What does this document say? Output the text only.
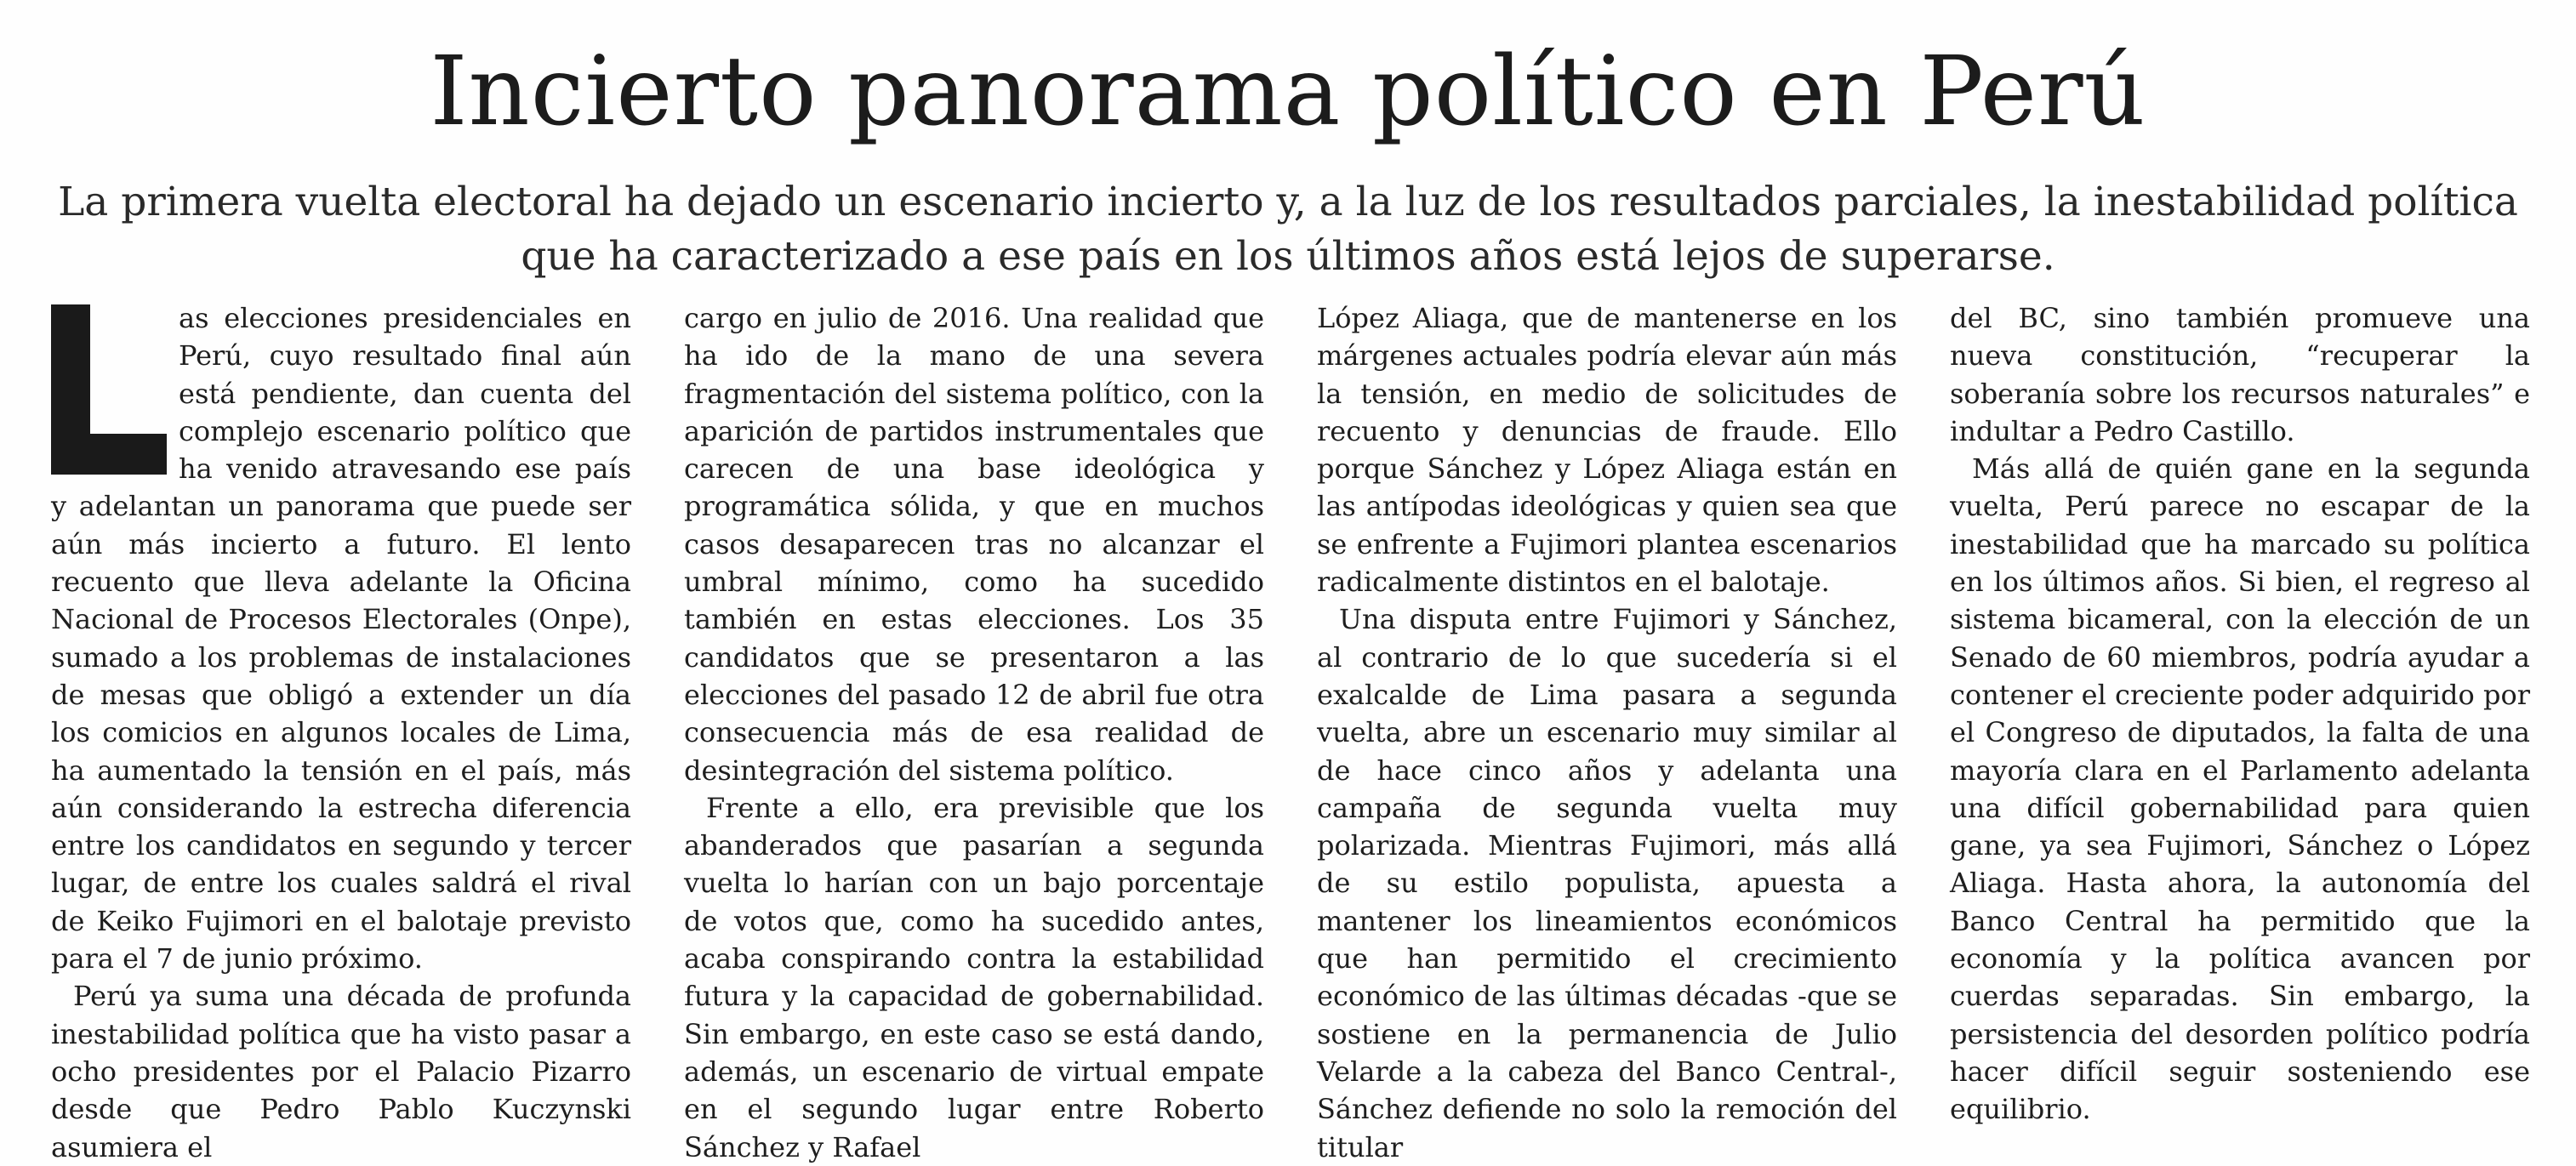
Incierto panorama político en Perú

La primera vuelta electoral ha dejado un escenario incierto y, a la luz de los resultados parciales, la inestabilidad política que ha caracterizado a ese país en los últimos años está lejos de superarse.

as elecciones presidenciales en Perú, cuyo resultado final aún está pendiente, dan cuenta del complejo escenario político que ha venido atravesando ese país y adelantan un panorama que puede ser aún más incierto a futuro. El lento recuento que lleva adelante la Oficina Nacional de Procesos Electorales (Onpe), sumado a los problemas de instalaciones de mesas que obligó a extender un día los comicios en algunos locales de Lima, ha aumentado la tensión en el país, más aún considerando la estrecha diferencia entre los candidatos en segundo y tercer lugar, de entre los cuales saldrá el rival de Keiko Fujimori en el balotaje previsto para el 7 de junio próximo.

Perú ya suma una década de profunda inestabilidad política que ha visto pasar a ocho presidentes por el Palacio Pizarro desde que Pedro Pablo Kuczynski asumiera el

cargo en julio de 2016. Una realidad que ha ido de la mano de una severa fragmentación del sistema político, con la aparición de partidos instrumentales que carecen de una base ideológica y programática sólida, y que en muchos casos desaparecen tras no alcanzar el umbral mínimo, como ha sucedido también en estas elecciones. Los 35 candidatos que se presentaron a las elecciones del pasado 12 de abril fue otra consecuencia más de esa realidad de desintegración del sistema político.

Frente a ello, era previsible que los abanderados que pasarían a segunda vuelta lo harían con un bajo porcentaje de votos que, como ha sucedido antes, acaba conspirando contra la estabilidad futura y la capacidad de gobernabilidad. Sin embargo, en este caso se está dando, además, un escenario de virtual empate en el segundo lugar entre Roberto Sánchez y Rafael

López Aliaga, que de mantenerse en los márgenes actuales podría elevar aún más la tensión, en medio de solicitudes de recuento y denuncias de fraude. Ello porque Sánchez y López Aliaga están en las antípodas ideológicas y quien sea que se enfrente a Fujimori plantea escenarios radicalmente distintos en el balotaje.

Una disputa entre Fujimori y Sánchez, al contrario de lo que sucedería si el exalcalde de Lima pasara a segunda vuelta, abre un escenario muy similar al de hace cinco años y adelanta una campaña de segunda vuelta muy polarizada. Mientras Fujimori, más allá de su estilo populista, apuesta a mantener los lineamientos económicos que han permitido el crecimiento económico de las últimas décadas -que se sostiene en la permanencia de Julio Velarde a la cabeza del Banco Central-, Sánchez defiende no solo la remoción del titular

del BC, sino también promueve una nueva constitución, “recuperar la soberanía sobre los recursos naturales” e indultar a Pedro Castillo.

Más allá de quién gane en la segunda vuelta, Perú parece no escapar de la inestabilidad que ha marcado su política en los últimos años. Si bien, el regreso al sistema bicameral, con la elección de un Senado de 60 miembros, podría ayudar a contener el creciente poder adquirido por el Congreso de diputados, la falta de una mayoría clara en el Parlamento adelanta una difícil gobernabilidad para quien gane, ya sea Fujimori, Sánchez o López Aliaga. Hasta ahora, la autonomía del Banco Central ha permitido que la economía y la política avancen por cuerdas separadas. Sin embargo, la persistencia del desorden político podría hacer difícil seguir sosteniendo ese equilibrio.
